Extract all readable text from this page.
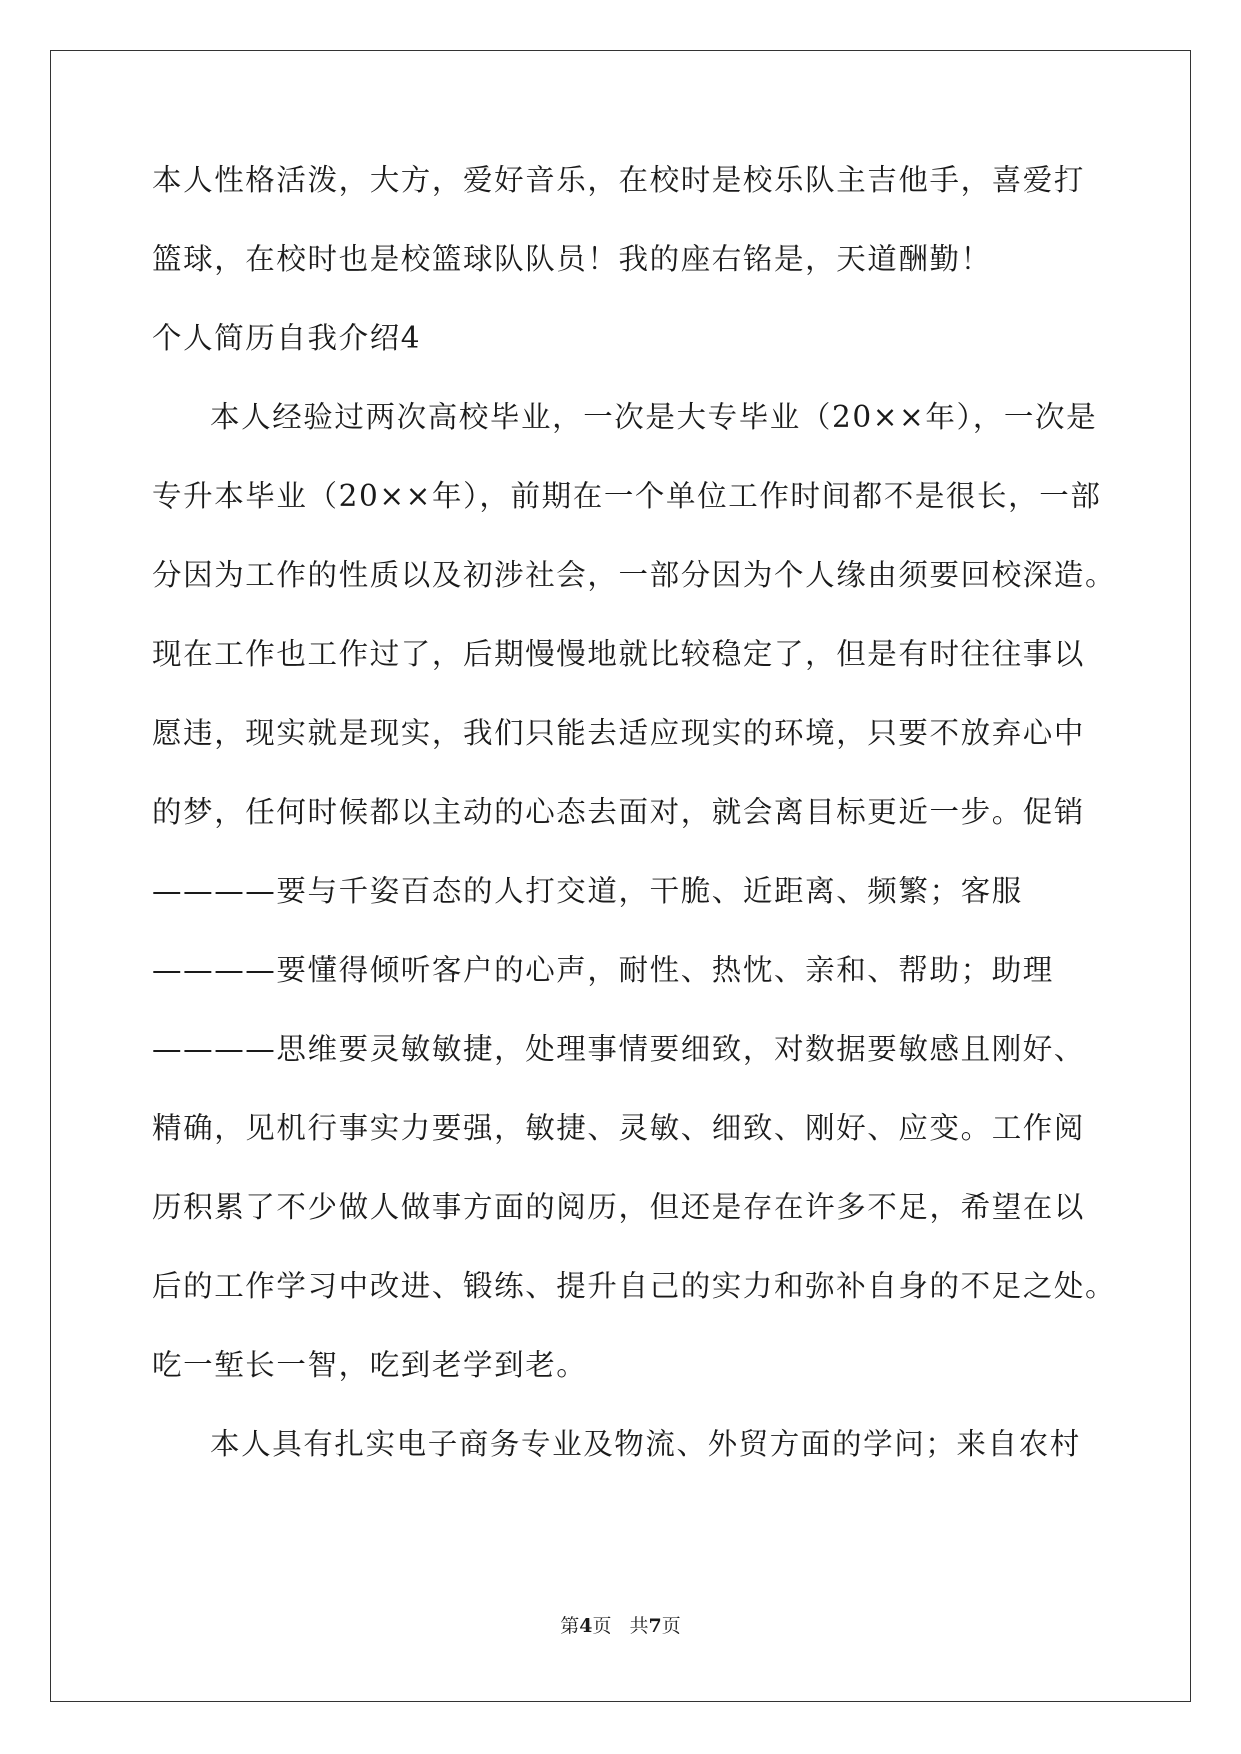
本人性格活泼，大方，爱好音乐，在校时是校乐队主吉他手，喜爱打
篮球，在校时也是校篮球队队员！我的座右铭是，天道酬勤！
个人简历自我介绍4
本人经验过两次高校毕业，一次是大专毕业（20××年），一次是
专升本毕业（20××年），前期在一个单位工作时间都不是很长，一部
分因为工作的性质以及初涉社会，一部分因为个人缘由须要回校深造。
现在工作也工作过了，后期慢慢地就比较稳定了，但是有时往往事以
愿违，现实就是现实，我们只能去适应现实的环境，只要不放弃心中
的梦，任何时候都以主动的心态去面对，就会离目标更近一步。促销
————要与千姿百态的人打交道，干脆、近距离、频繁；客服
————要懂得倾听客户的心声，耐性、热忱、亲和、帮助；助理
————思维要灵敏敏捷，处理事情要细致，对数据要敏感且刚好、
精确，见机行事实力要强，敏捷、灵敏、细致、刚好、应变。工作阅
历积累了不少做人做事方面的阅历，但还是存在许多不足，希望在以
后的工作学习中改进、锻练、提升自己的实力和弥补自身的不足之处。
吃一堑长一智，吃到老学到老。
本人具有扎实电子商务专业及物流、外贸方面的学问；来自农村
第4页 共7页
